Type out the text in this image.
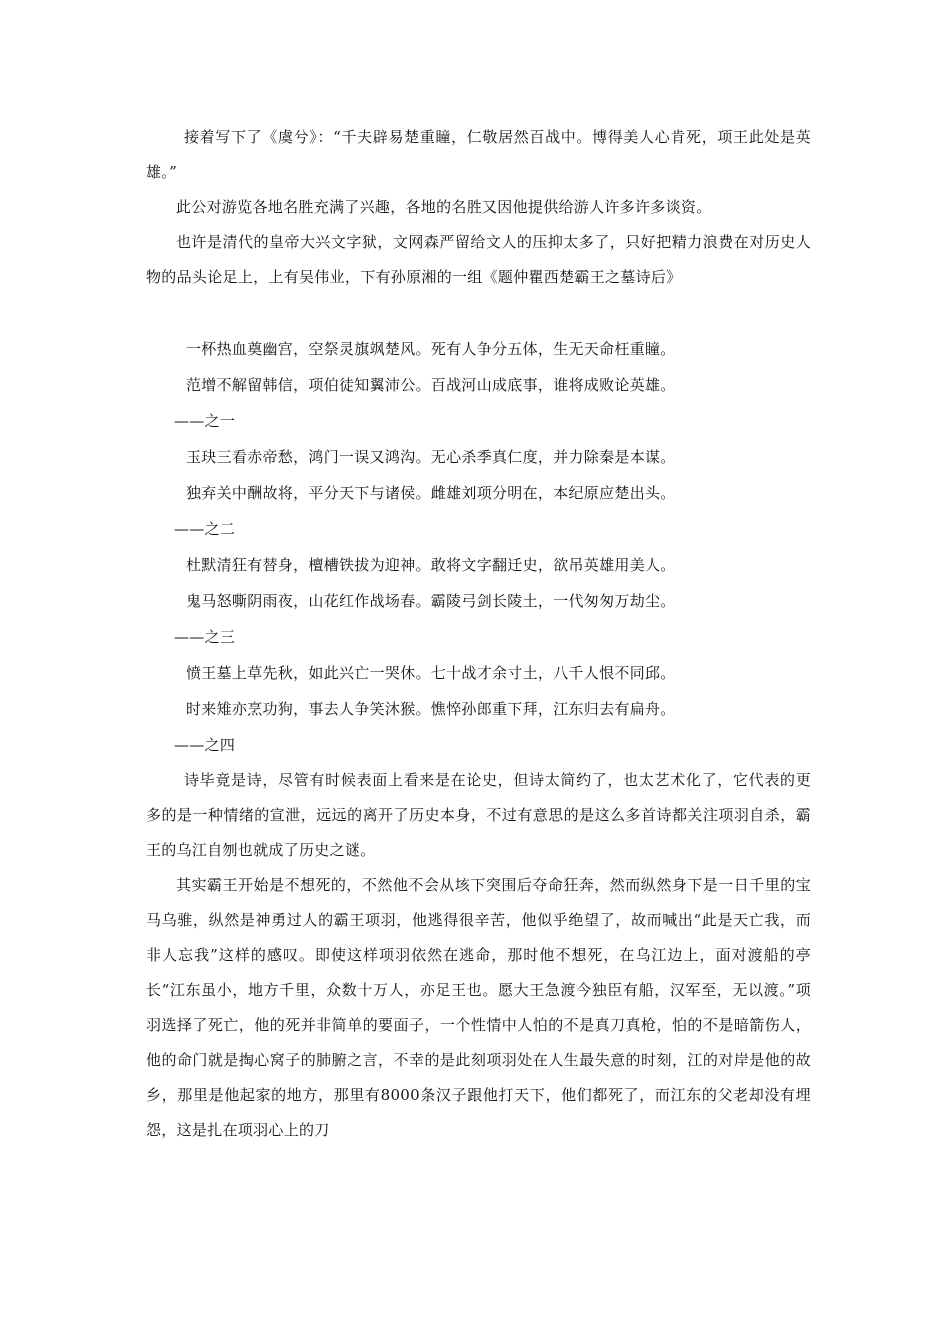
接着写下了《虞兮》：“千夫辟易楚重瞳，仁敬居然百战中。博得美人心肯死，项王此处是英雄。”

此公对游览各地名胜充满了兴趣，各地的名胜又因他提供给游人许多许多谈资。

也许是清代的皇帝大兴文字狱，文网森严留给文人的压抑太多了，只好把精力浪费在对历史人物的品头论足上，上有吴伟业，下有孙原湘的一组《题仲瞿西楚霸王之墓诗后》

一杯热血奠幽宫，空祭灵旗飒楚风。死有人争分五体，生无天命枉重瞳。

范增不解留韩信，项伯徒知翼沛公。百战河山成底事，谁将成败论英雄。

——之一

玉玦三看赤帝愁，鸿门一误又鸿沟。无心杀季真仁度，并力除秦是本谋。

独弃关中酬故将，平分天下与诸侯。雌雄刘项分明在，本纪原应楚出头。

——之二

杜默清狂有替身，檀槽铁拔为迎神。敢将文字翻迁史，欲吊英雄用美人。

鬼马怒嘶阴雨夜，山花红作战场春。霸陵弓剑长陵土，一代匆匆万劫尘。

——之三

愤王墓上草先秋，如此兴亡一哭休。七十战才余寸土，八千人恨不同邱。

时来雉亦烹功狗，事去人争笑沐猴。憔悴孙郎重下拜，江东归去有扁舟。

——之四

诗毕竟是诗，尽管有时候表面上看来是在论史，但诗太简约了，也太艺术化了，它代表的更多的是一种情绪的宣泄，远远的离开了历史本身，不过有意思的是这么多首诗都关注项羽自杀，霸王的乌江自刎也就成了历史之谜。

其实霸王开始是不想死的，不然他不会从垓下突围后夺命狂奔，然而纵然身下是一日千里的宝马乌骓，纵然是神勇过人的霸王项羽，他逃得很辛苦，他似乎绝望了，故而喊出“此是天亡我，而非人忘我”这样的感叹。即使这样项羽依然在逃命，那时他不想死，在乌江边上，面对渡船的亭长“江东虽小，地方千里，众数十万人，亦足王也。愿大王急渡今独臣有船，汉军至，无以渡。”项羽选择了死亡，他的死并非简单的要面子，一个性情中人怕的不是真刀真枪，怕的不是暗箭伤人，他的命门就是掏心窝子的肺腑之言，不幸的是此刻项羽处在人生最失意的时刻，江的对岸是他的故乡，那里是他起家的地方，那里有8000条汉子跟他打天下，他们都死了，而江东的父老却没有埋怨，这是扎在项羽心上的刀
